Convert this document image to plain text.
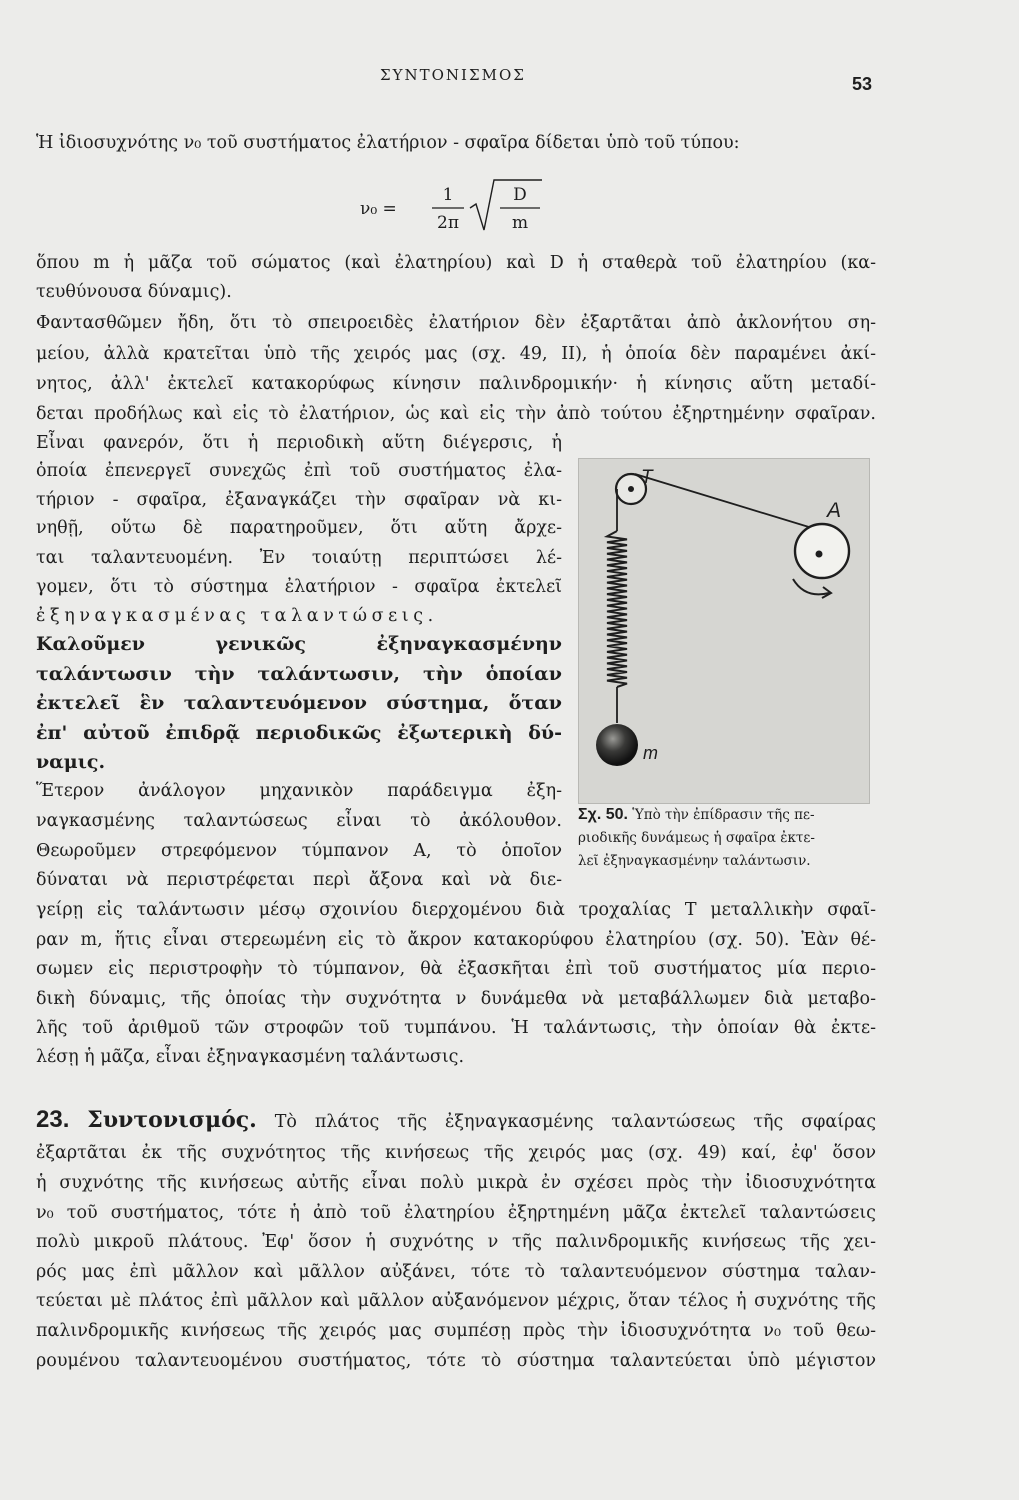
ΣΥΝΤΟΝΙΣΜΟΣ	53
Ἡ ἰδιοσυχνότης ν₀ τοῦ συστήματος ἐλατήριον - σφαῖρα δίδεται ὑπὸ τοῦ τύπου:
ν₀ =
1
2π
D
m
ὅπου m ἡ μᾶζα τοῦ σώματος (καὶ ἐλατηρίου) καὶ D ἡ σταθερὰ τοῦ ἐλατηρίου (κα-
τευθύνουσα δύναμις).
Φαντασθῶμεν ἤδη, ὅτι τὸ σπειροειδὲς ἐλατήριον δὲν ἐξαρτᾶται ἀπὸ ἀκλονήτου ση-
μείου, ἀλλὰ κρατεῖται ὑπὸ τῆς χειρός μας (σχ. 49, II), ἡ ὁποία δὲν παραμένει ἀκί-
νητος, ἀλλ' ἐκτελεῖ κατακορύφως κίνησιν παλινδρομικήν· ἡ κίνησις αὕτη μεταδί-
δεται προδήλως καὶ εἰς τὸ ἐλατήριον, ὡς καὶ εἰς τὴν ἀπὸ τούτου ἐξηρτημένην σφαῖραν.
Εἶναι φανερόν, ὅτι ἡ περιοδικὴ αὕτη διέγερσις, ἡ
ὁποία ἐπενεργεῖ συνεχῶς ἐπὶ τοῦ συστήματος ἐλα-
τήριον - σφαῖρα, ἐξαναγκάζει τὴν σφαῖραν νὰ κι-
νηθῇ, οὕτω δὲ παρατηροῦμεν, ὅτι αὕτη ἄρχε-
ται ταλαντευομένη. Ἐν τοιαύτῃ περιπτώσει λέ-
γομεν, ὅτι τὸ σύστημα ἐλατήριον - σφαῖρα ἐκτελεῖ
ἐξηναγκασμένας ταλαντώσεις.
Καλοῦμεν γενικῶς ἐξηναγκασμένην
ταλάντωσιν τὴν ταλάντωσιν, τὴν ὁποίαν
ἐκτελεῖ ἓν ταλαντευόμενον σύστημα, ὅταν
ἐπ' αὐτοῦ ἐπιδρᾷ περιοδικῶς ἐξωτερικὴ δύ-
ναμις.
Ἕτερον ἀνάλογον μηχανικὸν παράδειγμα ἐξη-
ναγκασμένης ταλαντώσεως εἶναι τὸ ἀκόλουθον.
Θεωροῦμεν στρεφόμενον τύμπανον Α, τὸ ὁποῖον
δύναται νὰ περιστρέφεται περὶ ἄξονα καὶ νὰ διε-
γείρῃ εἰς ταλάντωσιν μέσῳ σχοινίου διερχομένου διὰ τροχαλίας Τ μεταλλικὴν σφαῖ-
ραν m, ἥτις εἶναι στερεωμένη εἰς τὸ ἄκρον κατακορύφου ἐλατηρίου (σχ. 50). Ἐὰν θέ-
σωμεν εἰς περιστροφὴν τὸ τύμπανον, θὰ ἐξασκῆται ἐπὶ τοῦ συστήματος μία περιο-
δικὴ δύναμις, τῆς ὁποίας τὴν συχνότητα ν δυνάμεθα νὰ μεταβάλλωμεν διὰ μεταβο-
λῆς τοῦ ἀριθμοῦ τῶν στροφῶν τοῦ τυμπάνου. Ἡ ταλάντωσις, τὴν ὁποίαν θὰ ἐκτε-
λέσῃ ἡ μᾶζα, εἶναι ἐξηναγκασμένη ταλάντωσις.
23. Συντονισμός. Τὸ πλάτος τῆς ἐξηναγκασμένης ταλαντώσεως τῆς σφαίρας
ἐξαρτᾶται ἐκ τῆς συχνότητος τῆς κινήσεως τῆς χειρός μας (σχ. 49) καί, ἐφ' ὅσον
ἡ συχνότης τῆς κινήσεως αὐτῆς εἶναι πολὺ μικρὰ ἐν σχέσει πρὸς τὴν ἰδιοσυχνότητα
ν₀ τοῦ συστήματος, τότε ἡ ἀπὸ τοῦ ἐλατηρίου ἐξηρτημένη μᾶζα ἐκτελεῖ ταλαντώσεις
πολὺ μικροῦ πλάτους. Ἐφ' ὅσον ἡ συχνότης ν τῆς παλινδρομικῆς κινήσεως τῆς χει-
ρός μας ἐπὶ μᾶλλον καὶ μᾶλλον αὐξάνει, τότε τὸ ταλαντευόμενον σύστημα ταλαν-
τεύεται μὲ πλάτος ἐπὶ μᾶλλον καὶ μᾶλλον αὐξανόμενον μέχρις, ὅταν τέλος ἡ συχνότης τῆς
παλινδρομικῆς κινήσεως τῆς χειρός μας συμπέσῃ πρὸς τὴν ἰδιοσυχνότητα ν₀ τοῦ θεω-
ρουμένου ταλαντευομένου συστήματος, τότε τὸ σύστημα ταλαντεύεται ὑπὸ μέγιστον
T
A
m
Σχ. 50. Ὑπὸ τὴν ἐπίδρασιν τῆς πε-
ριοδικῆς δυνάμεως ἡ σφαῖρα ἐκτε-
λεῖ ἐξηναγκασμένην ταλάντωσιν.
